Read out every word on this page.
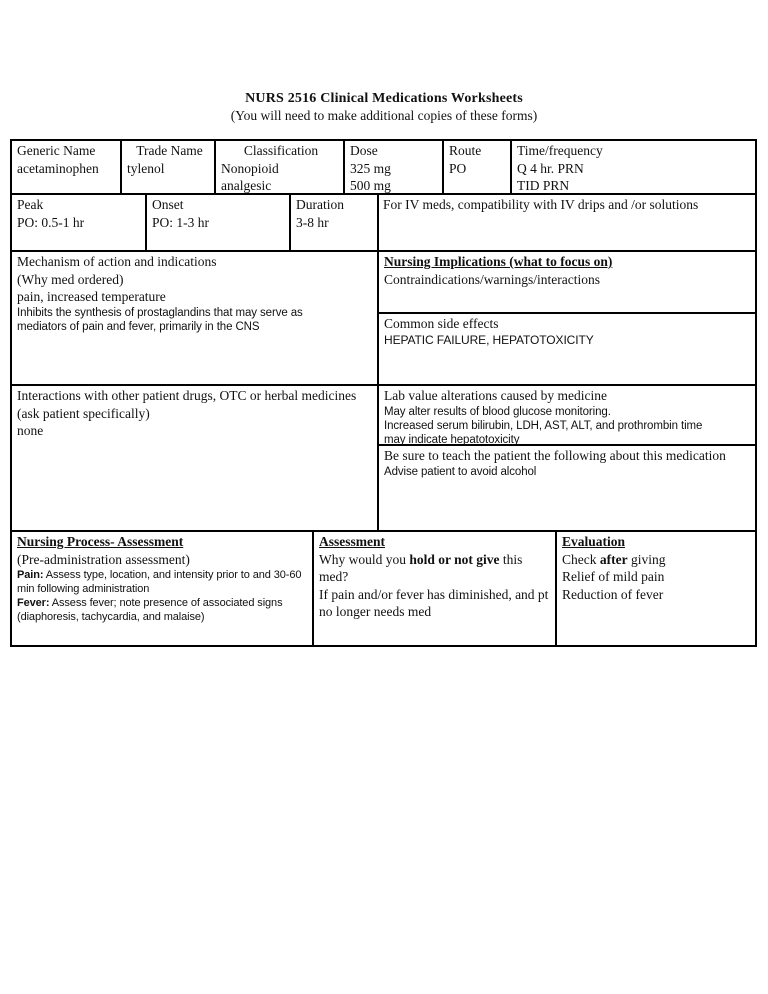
NURS 2516 Clinical Medications Worksheets
(You will need to make additional copies of these forms)
Generic Name
acetaminophen
Trade Name
tylenol
Classification
Nonopioid
analgesic
Dose
325 mg
500 mg
Route
PO
Time/frequency
Q 4 hr. PRN
TID PRN
Peak
PO: 0.5-1 hr
Onset
PO: 1-3 hr
Duration
3-8 hr
For IV meds, compatibility with IV drips and /or solutions
Mechanism of action and indications
(Why med ordered)
pain, increased temperature
Inhibits the synthesis of prostaglandins that may serve as
mediators of pain and fever, primarily in the CNS
Nursing Implications (what to focus on)
Contraindications/warnings/interactions
Common side effects
HEPATIC FAILURE, HEPATOTOXICITY
Interactions with other patient drugs, OTC or herbal medicines (ask patient specifically)
none
Lab value alterations caused by medicine
May alter results of blood glucose monitoring.
Increased serum bilirubin, LDH, AST, ALT, and prothrombin time
may indicate hepatotoxicity
Be sure to teach the patient the following about this medication
Advise patient to avoid alcohol
Nursing Process- Assessment
(Pre-administration assessment)
Pain: Assess type, location, and intensity prior to and 30-60 min following administration
Fever: Assess fever; note presence of associated signs (diaphoresis, tachycardia, and malaise)
Assessment
Why would you hold or not give this med?
If pain and/or fever has diminished, and pt no longer needs med
Evaluation
Check after giving
Relief of mild pain
Reduction of fever
